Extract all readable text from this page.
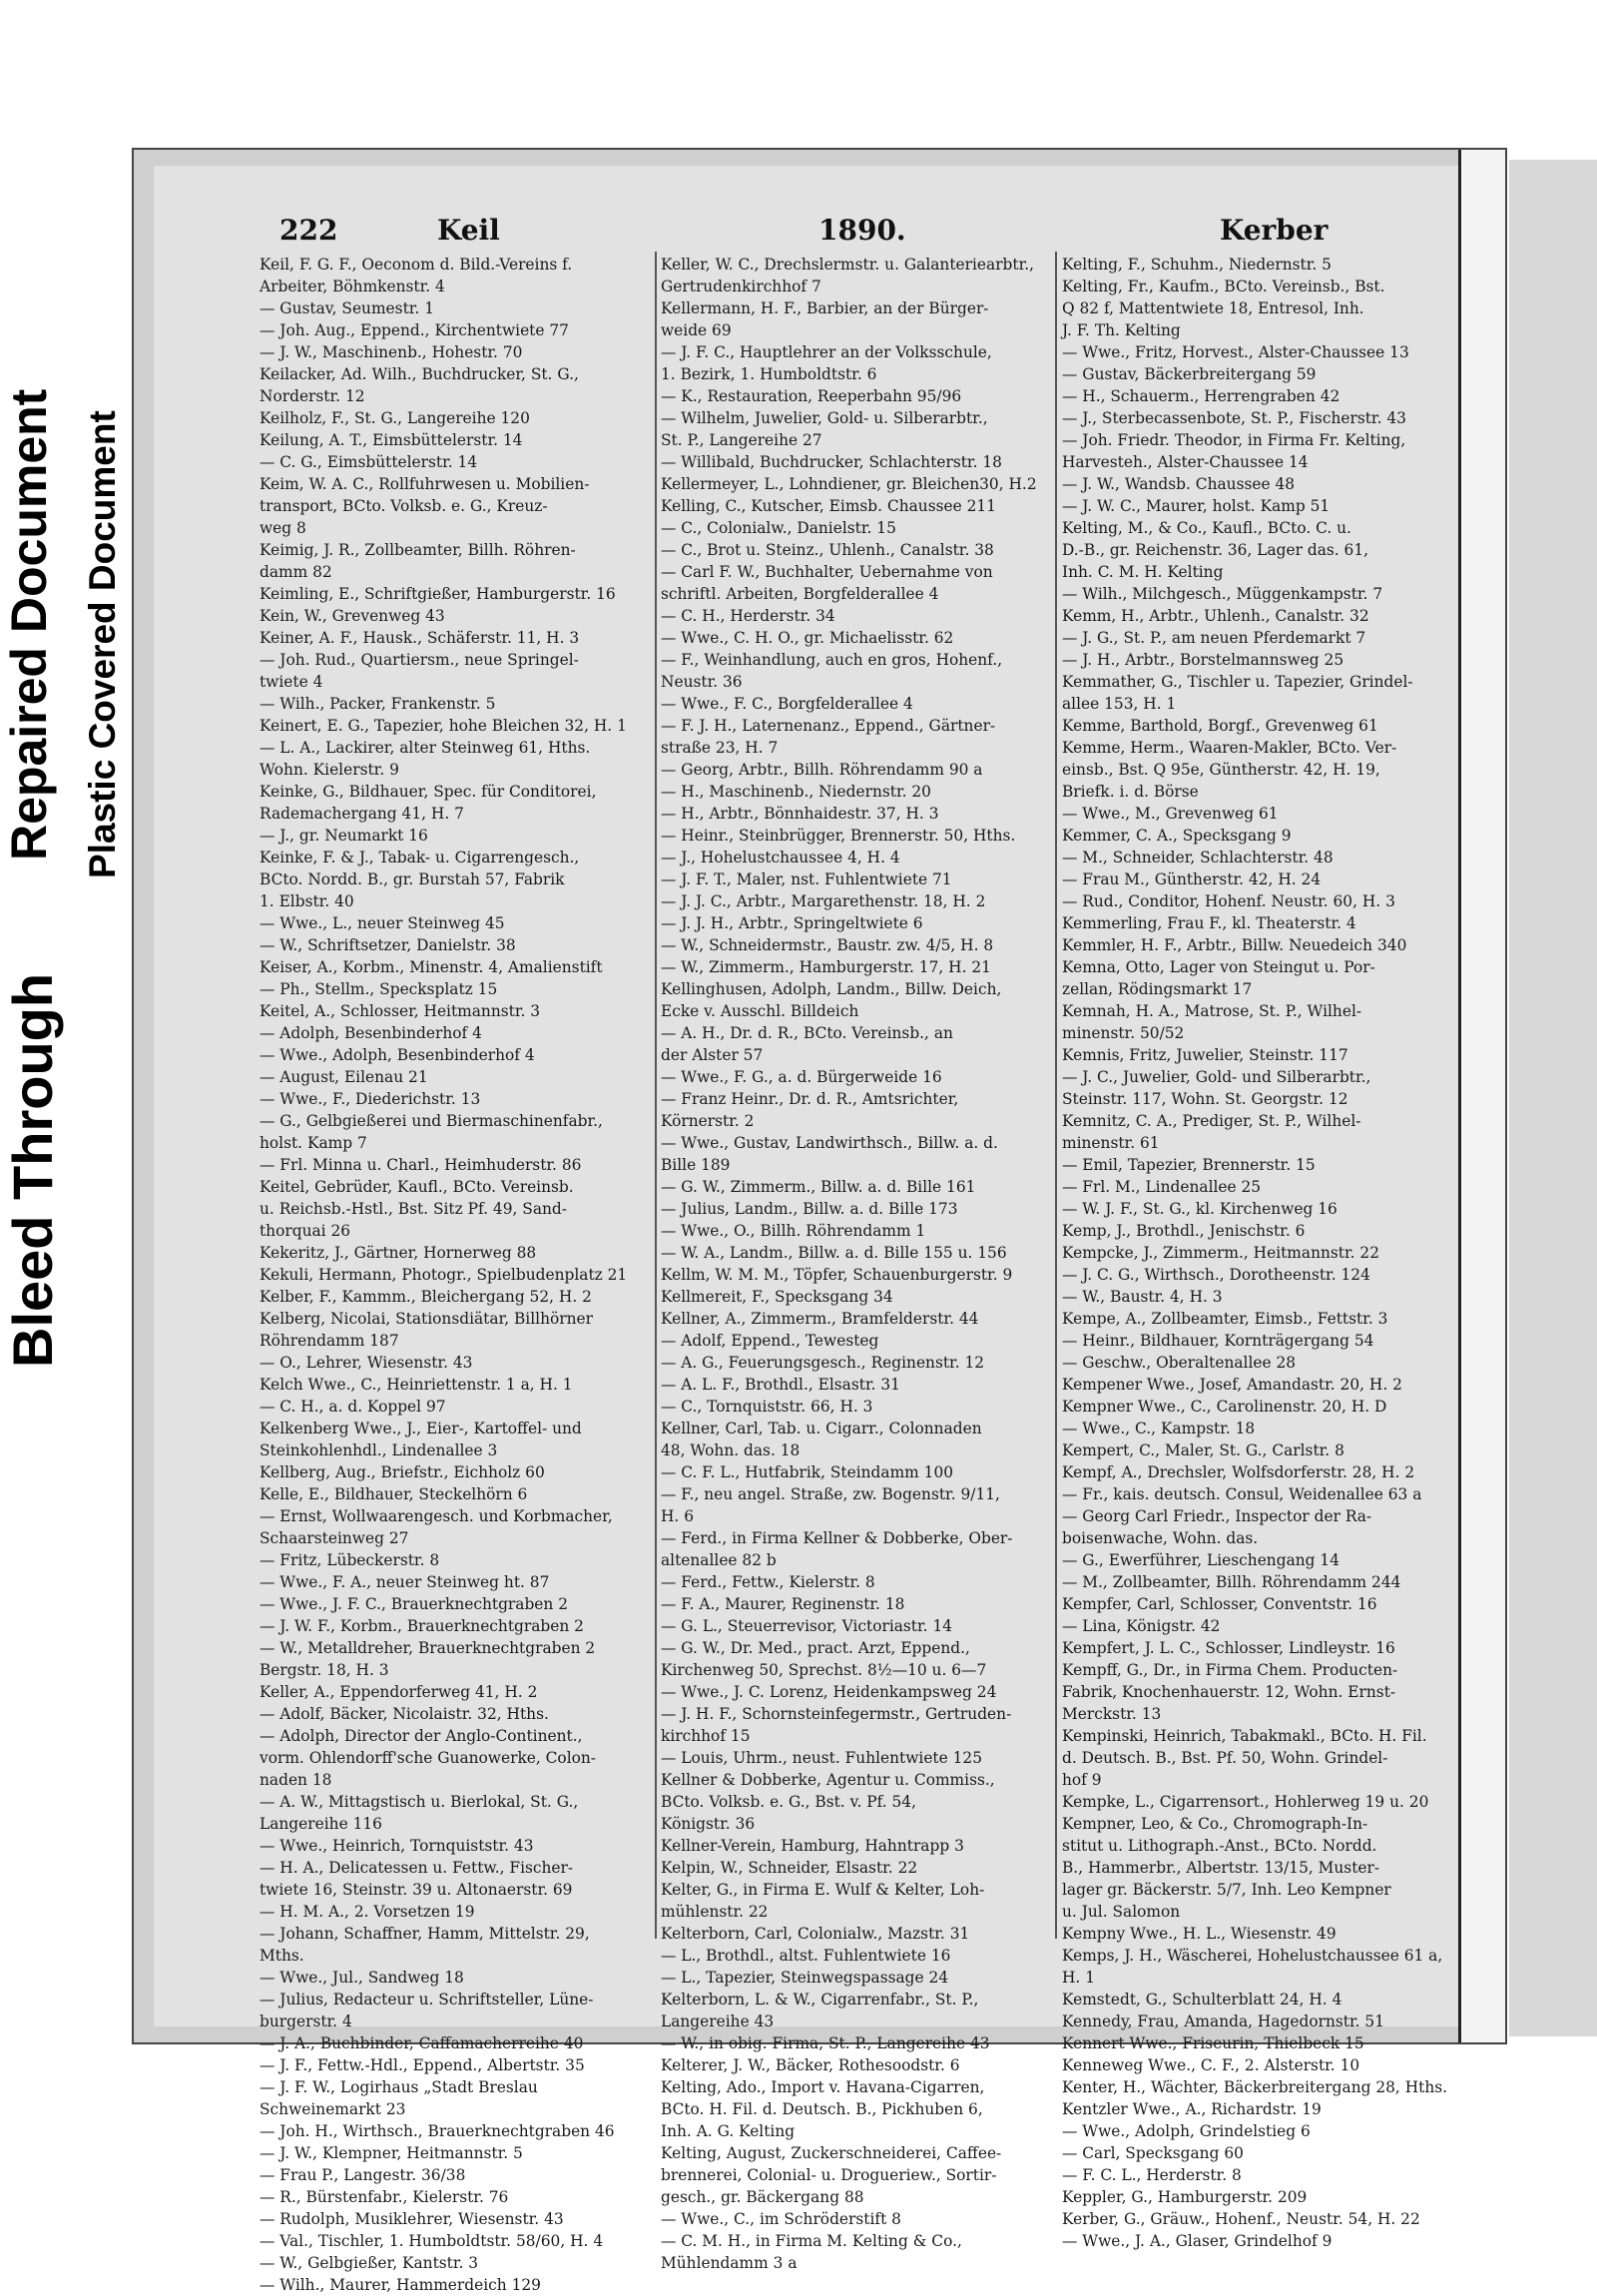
Bleed Through
Repaired Document Plastic Covered Document
222	Keil	1890.	Kerber
Keil, F. G. F., Oeconom d. Bild.-Vereins f.
Arbeiter, Böhmkenstr. 4
— Gustav, Seumestr. 1
— Joh. Aug., Eppend., Kirchentwiete 77
— J. W., Maschinenb., Hohestr. 70
Keilacker, Ad. Wilh., Buchdrucker, St. G.,
Norderstr. 12
Keilholz, F., St. G., Langereihe 120
Keilung, A. T., Eimsbüttelerstr. 14
— C. G., Eimsbüttelerstr. 14
Keim, W. A. C., Rollfuhrwesen u. Mobilien-
transport, BCto. Volksb. e. G., Kreuz-
weg 8
Keimig, J. R., Zollbeamter, Billh. Röhren-
damm 82
Keimling, E., Schriftgießer, Hamburgerstr. 16
Kein, W., Grevenweg 43
Keiner, A. F., Hausk., Schäferstr. 11, H. 3
— Joh. Rud., Quartiersm., neue Springel-
twiete 4
— Wilh., Packer, Frankenstr. 5
Keinert, E. G., Tapezier, hohe Bleichen 32, H. 1
— L. A., Lackirer, alter Steinweg 61, Hths.
Wohn. Kielerstr. 9
Keinke, G., Bildhauer, Spec. für Conditorei,
Rademachergang 41, H. 7
— J., gr. Neumarkt 16
Keinke, F. & J., Tabak- u. Cigarrengesch.,
BCto. Nordd. B., gr. Burstah 57, Fabrik
1. Elbstr. 40
— Wwe., L., neuer Steinweg 45
— W., Schriftsetzer, Danielstr. 38
Keiser, A., Korbm., Minenstr. 4, Amalienstift
— Ph., Stellm., Specksplatz 15
Keitel, A., Schlosser, Heitmannstr. 3
— Adolph, Besenbinderhof 4
— Wwe., Adolph, Besenbinderhof 4
— August, Eilenau 21
— Wwe., F., Diederichstr. 13
— G., Gelbgießerei und Biermaschinenfabr.,
holst. Kamp 7
— Frl. Minna u. Charl., Heimhuderstr. 86
Keitel, Gebrüder, Kaufl., BCto. Vereinsb.
u. Reichsb.-Hstl., Bst. Sitz Pf. 49, Sand-
thorquai 26
Kekeritz, J., Gärtner, Hornerweg 88
Kekuli, Hermann, Photogr., Spielbudenplatz 21
Kelber, F., Kammm., Bleichergang 52, H. 2
Kelberg, Nicolai, Stationsdiätar, Billhörner
Röhrendamm 187
— O., Lehrer, Wiesenstr. 43
Kelch Wwe., C., Heinriettenstr. 1 a, H. 1
— C. H., a. d. Koppel 97
Kelkenberg Wwe., J., Eier-, Kartoffel- und
Steinkohlenhdl., Lindenallee 3
Kellberg, Aug., Briefstr., Eichholz 60
Kelle, E., Bildhauer, Steckelhörn 6
— Ernst, Wollwaarengesch. und Korbmacher,
Schaarsteinweg 27
— Fritz, Lübeckerstr. 8
— Wwe., F. A., neuer Steinweg ht. 87
— Wwe., J. F. C., Brauerknechtgraben 2
— J. W. F., Korbm., Brauerknechtgraben 2
— W., Metalldreher, Brauerknechtgraben 2
Bergstr. 18, H. 3
Keller, A., Eppendorferweg 41, H. 2
— Adolf, Bäcker, Nicolaistr. 32, Hths.
— Adolph, Director der Anglo-Continent.,
vorm. Ohlendorff'sche Guanowerke, Colon-
naden 18
— A. W., Mittagstisch u. Bierlokal, St. G.,
Langereihe 116
— Wwe., Heinrich, Tornquiststr. 43
— H. A., Delicatessen u. Fettw., Fischer-
twiete 16, Steinstr. 39 u. Altonaerstr. 69
— H. M. A., 2. Vorsetzen 19
— Johann, Schaffner, Hamm, Mittelstr. 29,
Mths.
— Wwe., Jul., Sandweg 18
— Julius, Redacteur u. Schriftsteller, Lüne-
burgerstr. 4
— J. A., Buchbinder, Caffamacherreihe 40
— J. F., Fettw.-Hdl., Eppend., Albertstr. 35
— J. F. W., Logirhaus „Stadt Breslau
Schweinemarkt 23
— Joh. H., Wirthsch., Brauerknechtgraben 46
— J. W., Klempner, Heitmannstr. 5
— Frau P., Langestr. 36/38
— R., Bürstenfabr., Kielerstr. 76
— Rudolph, Musiklehrer, Wiesenstr. 43
— Val., Tischler, 1. Humboldtstr. 58/60, H. 4
— W., Gelbgießer, Kantstr. 3
— Wilh., Maurer, Hammerdeich 129
Keller, W. C., Drechslermstr. u. Galanteriearbtr.,
Gertrudenkirchhof 7
Kellermann, H. F., Barbier, an der Bürger-
weide 69
— J. F. C., Hauptlehrer an der Volksschule,
1. Bezirk, 1. Humboldtstr. 6
— K., Restauration, Reeperbahn 95/96
— Wilhelm, Juwelier, Gold- u. Silberarbtr.,
St. P., Langereihe 27
— Willibald, Buchdrucker, Schlachterstr. 18
Kellermeyer, L., Lohndiener, gr. Bleichen30, H.2
Kelling, C., Kutscher, Eimsb. Chaussee 211
— C., Colonialw., Danielstr. 15
— C., Brot u. Steinz., Uhlenh., Canalstr. 38
— Carl F. W., Buchhalter, Uebernahme von
schriftl. Arbeiten, Borgfelderallee 4
— C. H., Herderstr. 34
— Wwe., C. H. O., gr. Michaelisstr. 62
— F., Weinhandlung, auch en gros, Hohenf.,
Neustr. 36
— Wwe., F. C., Borgfelderallee 4
— F. J. H., Laternenanz., Eppend., Gärtner-
straße 23, H. 7
— Georg, Arbtr., Billh. Röhrendamm 90 a
— H., Maschinenb., Niedernstr. 20
— H., Arbtr., Bönnhaidestr. 37, H. 3
— Heinr., Steinbrügger, Brennerstr. 50, Hths.
— J., Hohelustchaussee 4, H. 4
— J. F. T., Maler, nst. Fuhlentwiete 71
— J. J. C., Arbtr., Margarethenstr. 18, H. 2
— J. J. H., Arbtr., Springeltwiete 6
— W., Schneidermstr., Baustr. zw. 4/5, H. 8
— W., Zimmerm., Hamburgerstr. 17, H. 21
Kellinghusen, Adolph, Landm., Billw. Deich,
Ecke v. Ausschl. Billdeich
— A. H., Dr. d. R., BCto. Vereinsb., an
der Alster 57
— Wwe., F. G., a. d. Bürgerweide 16
— Franz Heinr., Dr. d. R., Amtsrichter,
Körnerstr. 2
— Wwe., Gustav, Landwirthsch., Billw. a. d.
Bille 189
— G. W., Zimmerm., Billw. a. d. Bille 161
— Julius, Landm., Billw. a. d. Bille 173
— Wwe., O., Billh. Röhrendamm 1
— W. A., Landm., Billw. a. d. Bille 155 u. 156
Kellm, W. M. M., Töpfer, Schauenburgerstr. 9
Kellmereit, F., Specksgang 34
Kellner, A., Zimmerm., Bramfelderstr. 44
— Adolf, Eppend., Tewesteg
— A. G., Feuerungsgesch., Reginenstr. 12
— A. L. F., Brothdl., Elsastr. 31
— C., Tornquiststr. 66, H. 3
Kellner, Carl, Tab. u. Cigarr., Colonnaden
48, Wohn. das. 18
— C. F. L., Hutfabrik, Steindamm 100
— F., neu angel. Straße, zw. Bogenstr. 9/11,
H. 6
— Ferd., in Firma Kellner & Dobberke, Ober-
altenallee 82 b
— Ferd., Fettw., Kielerstr. 8
— F. A., Maurer, Reginenstr. 18
— G. L., Steuerrevisor, Victoriastr. 14
— G. W., Dr. Med., pract. Arzt, Eppend.,
Kirchenweg 50, Sprechst. 8½—10 u. 6—7
— Wwe., J. C. Lorenz, Heidenkampsweg 24
— J. H. F., Schornsteinfegermstr., Gertruden-
kirchhof 15
— Louis, Uhrm., neust. Fuhlentwiete 125
Kellner & Dobberke, Agentur u. Commiss.,
BCto. Volksb. e. G., Bst. v. Pf. 54,
Königstr. 36
Kellner-Verein, Hamburg, Hahntrapp 3
Kelpin, W., Schneider, Elsastr. 22
Kelter, G., in Firma E. Wulf & Kelter, Loh-
mühlenstr. 22
Kelterborn, Carl, Colonialw., Mazstr. 31
— L., Brothdl., altst. Fuhlentwiete 16
— L., Tapezier, Steinwegspassage 24
Kelterborn, L. & W., Cigarrenfabr., St. P.,
Langereihe 43
— W., in obig. Firma, St. P., Langereihe 43
Kelterer, J. W., Bäcker, Rothesoodstr. 6
Kelting, Ado., Import v. Havana-Cigarren,
BCto. H. Fil. d. Deutsch. B., Pickhuben 6,
Inh. A. G. Kelting
Kelting, August, Zuckerschneiderei, Caffee-
brennerei, Colonial- u. Drogueriew., Sortir-
gesch., gr. Bäckergang 88
— Wwe., C., im Schröderstift 8
— C. M. H., in Firma M. Kelting & Co.,
Mühlendamm 3 a
Kelting, F., Schuhm., Niedernstr. 5
Kelting, Fr., Kaufm., BCto. Vereinsb., Bst.
Q 82 f, Mattentwiete 18, Entresol, Inh.
J. F. Th. Kelting
— Wwe., Fritz, Horvest., Alster-Chaussee 13
— Gustav, Bäckerbreitergang 59
— H., Schauerm., Herrengraben 42
— J., Sterbecassenbote, St. P., Fischerstr. 43
— Joh. Friedr. Theodor, in Firma Fr. Kelting,
Harvesteh., Alster-Chaussee 14
— J. W., Wandsb. Chaussee 48
— J. W. C., Maurer, holst. Kamp 51
Kelting, M., & Co., Kaufl., BCto. C. u.
D.-B., gr. Reichenstr. 36, Lager das. 61,
Inh. C. M. H. Kelting
— Wilh., Milchgesch., Müggenkampstr. 7
Kemm, H., Arbtr., Uhlenh., Canalstr. 32
— J. G., St. P., am neuen Pferdemarkt 7
— J. H., Arbtr., Borstelmannsweg 25
Kemmather, G., Tischler u. Tapezier, Grindel-
allee 153, H. 1
Kemme, Barthold, Borgf., Grevenweg 61
Kemme, Herm., Waaren-Makler, BCto. Ver-
einsb., Bst. Q 95e, Güntherstr. 42, H. 19,
Briefk. i. d. Börse
— Wwe., M., Grevenweg 61
Kemmer, C. A., Specksgang 9
— M., Schneider, Schlachterstr. 48
— Frau M., Güntherstr. 42, H. 24
— Rud., Conditor, Hohenf. Neustr. 60, H. 3
Kemmerling, Frau F., kl. Theaterstr. 4
Kemmler, H. F., Arbtr., Billw. Neuedeich 340
Kemna, Otto, Lager von Steingut u. Por-
zellan, Rödingsmarkt 17
Kemnah, H. A., Matrose, St. P., Wilhel-
minenstr. 50/52
Kemnis, Fritz, Juwelier, Steinstr. 117
— J. C., Juwelier, Gold- und Silberarbtr.,
Steinstr. 117, Wohn. St. Georgstr. 12
Kemnitz, C. A., Prediger, St. P., Wilhel-
minenstr. 61
— Emil, Tapezier, Brennerstr. 15
— Frl. M., Lindenallee 25
— W. J. F., St. G., kl. Kirchenweg 16
Kemp, J., Brothdl., Jenischstr. 6
Kempcke, J., Zimmerm., Heitmannstr. 22
— J. C. G., Wirthsch., Dorotheenstr. 124
— W., Baustr. 4, H. 3
Kempe, A., Zollbeamter, Eimsb., Fettstr. 3
— Heinr., Bildhauer, Kornträgergang 54
— Geschw., Oberaltenallee 28
Kempener Wwe., Josef, Amandastr. 20, H. 2
Kempner Wwe., C., Carolinenstr. 20, H. D
— Wwe., C., Kampstr. 18
Kempert, C., Maler, St. G., Carlstr. 8
Kempf, A., Drechsler, Wolfsdorferstr. 28, H. 2
— Fr., kais. deutsch. Consul, Weidenallee 63 a
— Georg Carl Friedr., Inspector der Ra-
boisenwache, Wohn. das.
— G., Ewerführer, Lieschengang 14
— M., Zollbeamter, Billh. Röhrendamm 244
Kempfer, Carl, Schlosser, Conventstr. 16
— Lina, Königstr. 42
Kempfert, J. L. C., Schlosser, Lindleystr. 16
Kempff, G., Dr., in Firma Chem. Producten-
Fabrik, Knochenhauerstr. 12, Wohn. Ernst-
Merckstr. 13
Kempinski, Heinrich, Tabakmakl., BCto. H. Fil.
d. Deutsch. B., Bst. Pf. 50, Wohn. Grindel-
hof 9
Kempke, L., Cigarrensort., Hohlerweg 19 u. 20
Kempner, Leo, & Co., Chromograph-In-
stitut u. Lithograph.-Anst., BCto. Nordd.
B., Hammerbr., Albertstr. 13/15, Muster-
lager gr. Bäckerstr. 5/7, Inh. Leo Kempner
u. Jul. Salomon
Kempny Wwe., H. L., Wiesenstr. 49
Kemps, J. H., Wäscherei, Hohelustchaussee 61 a,
H. 1
Kemstedt, G., Schulterblatt 24, H. 4
Kennedy, Frau, Amanda, Hagedornstr. 51
Kennert Wwe., Friseurin, Thielbeck 15
Kenneweg Wwe., C. F., 2. Alsterstr. 10
Kenter, H., Wächter, Bäckerbreitergang 28, Hths.
Kentzler Wwe., A., Richardstr. 19
— Wwe., Adolph, Grindelstieg 6
— Carl, Specksgang 60
— F. C. L., Herderstr. 8
Keppler, G., Hamburgerstr. 209
Kerber, G., Gräuw., Hohenf., Neustr. 54, H. 22
— Wwe., J. A., Glaser, Grindelhof 9
